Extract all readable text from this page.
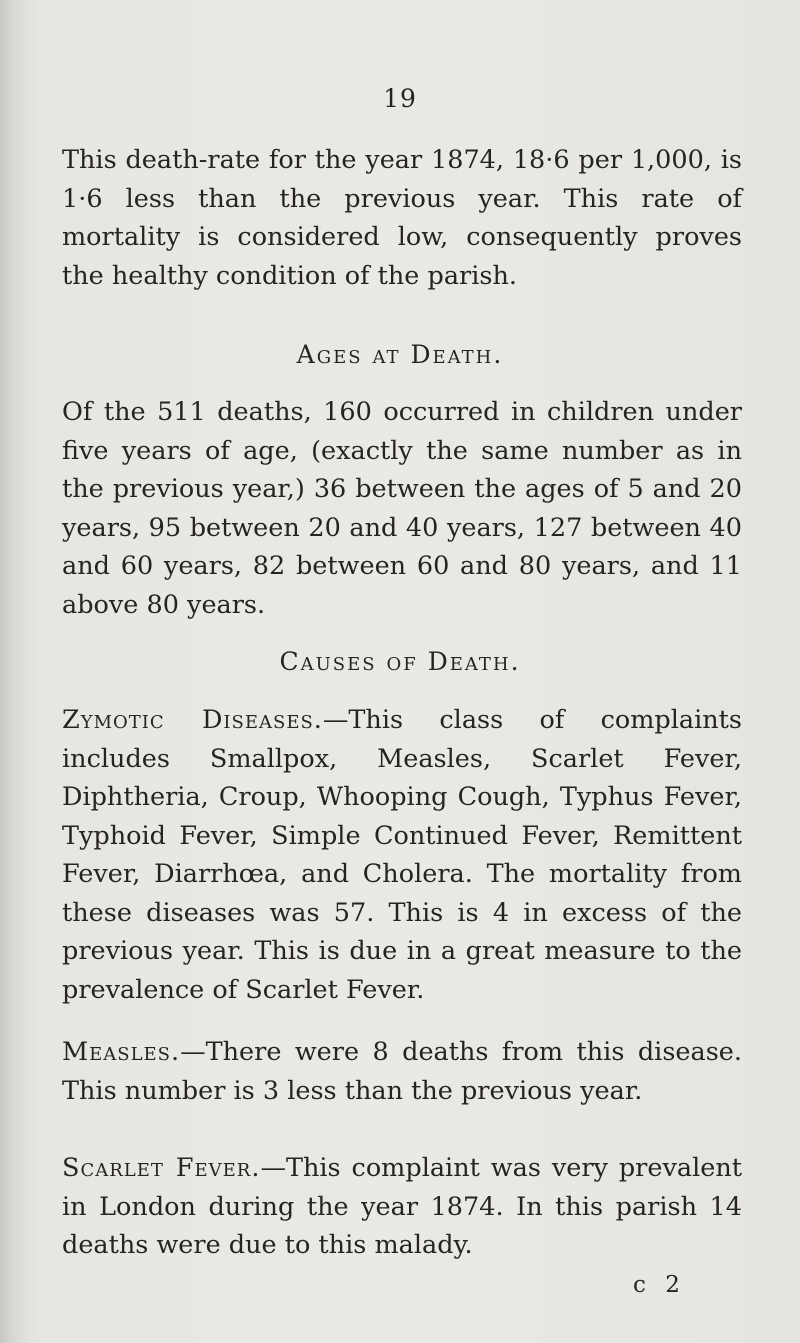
19

This death-rate for the year 1874, 18·6 per 1,000, is 1·6 less than the previous year. This rate of mortality is considered low, consequently proves the healthy condition of the parish.

Ages at Death.

Of the 511 deaths, 160 occurred in children under five years of age, (exactly the same number as in the previous year,) 36 between the ages of 5 and 20 years, 95 between 20 and 40 years, 127 between 40 and 60 years, 82 between 60 and 80 years, and 11 above 80 years.

Causes of Death.

Zymotic Diseases.—This class of complaints includes Smallpox, Measles, Scarlet Fever, Diphtheria, Croup, Whooping Cough, Typhus Fever, Typhoid Fever, Simple Continued Fever, Remittent Fever, Diarrhœa, and Cholera. The mortality from these diseases was 57. This is 4 in excess of the previous year. This is due in a great measure to the prevalence of Scarlet Fever.

Measles.—There were 8 deaths from this disease. This number is 3 less than the previous year.

Scarlet Fever.—This complaint was very prevalent in London during the year 1874. In this parish 14 deaths were due to this malady.

c 2
